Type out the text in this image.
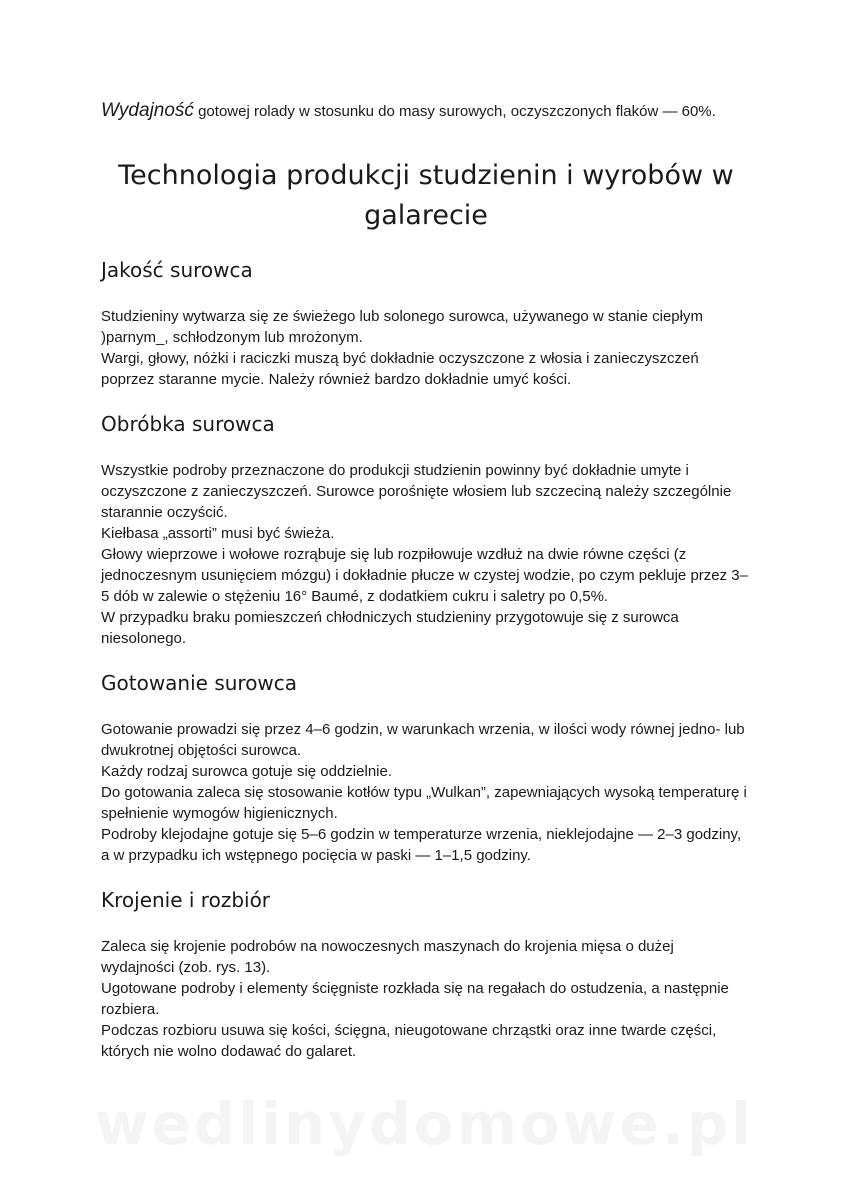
Wydajność gotowej rolady w stosunku do masy surowych, oczyszczonych flaków — 60%.

Technologia produkcji studzienin i wyrobów w galarecie
Jakość surowca

Studzieniny wytwarza się ze świeżego lub solonego surowca, używanego w stanie ciepłym )parnym_, schłodzonym lub mrożonym.

Wargi, głowy, nóżki i raciczki muszą być dokładnie oczyszczone z włosia i zanieczyszczeń poprzez staranne mycie. Należy również bardzo dokładnie umyć kości.

Obróbka surowca

Wszystkie podroby przeznaczone do produkcji studzienin powinny być dokładnie umyte i oczyszczone z zanieczyszczeń. Surowce porośnięte włosiem lub szczeciną należy szczególnie starannie oczyścić.

Kiełbasa „assorti” musi być świeża.

Głowy wieprzowe i wołowe rozrąbuje się lub rozpiłowuje wzdłuż na dwie równe części (z jednoczesnym usunięciem mózgu) i dokładnie płucze w czystej wodzie, po czym pekluje przez 3–5 dób w zalewie o stężeniu 16° Baumé, z dodatkiem cukru i saletry po 0,5%.

W przypadku braku pomieszczeń chłodniczych studzieniny przygotowuje się z surowca niesolonego.

Gotowanie surowca

Gotowanie prowadzi się przez 4–6 godzin, w warunkach wrzenia, w ilości wody równej jedno- lub dwukrotnej objętości surowca.

Każdy rodzaj surowca gotuje się oddzielnie.

Do gotowania zaleca się stosowanie kotłów typu „Wulkan”, zapewniających wysoką temperaturę i spełnienie wymogów higienicznych.

Podroby klejodajne gotuje się 5–6 godzin w temperaturze wrzenia, nieklejodajne — 2–3 godziny, a w przypadku ich wstępnego pocięcia w paski — 1–1,5 godziny.

Krojenie i rozbiór

Zaleca się krojenie podrobów na nowoczesnych maszynach do krojenia mięsa o dużej wydajności (zob. rys. 13).

Ugotowane podroby i elementy ścięgniste rozkłada się na regałach do ostudzenia, a następnie rozbiera.

Podczas rozbioru usuwa się kości, ścięgna, nieugotowane chrząstki oraz inne twarde części, których nie wolno dodawać do galaret.

wedlinydomowe.pl
